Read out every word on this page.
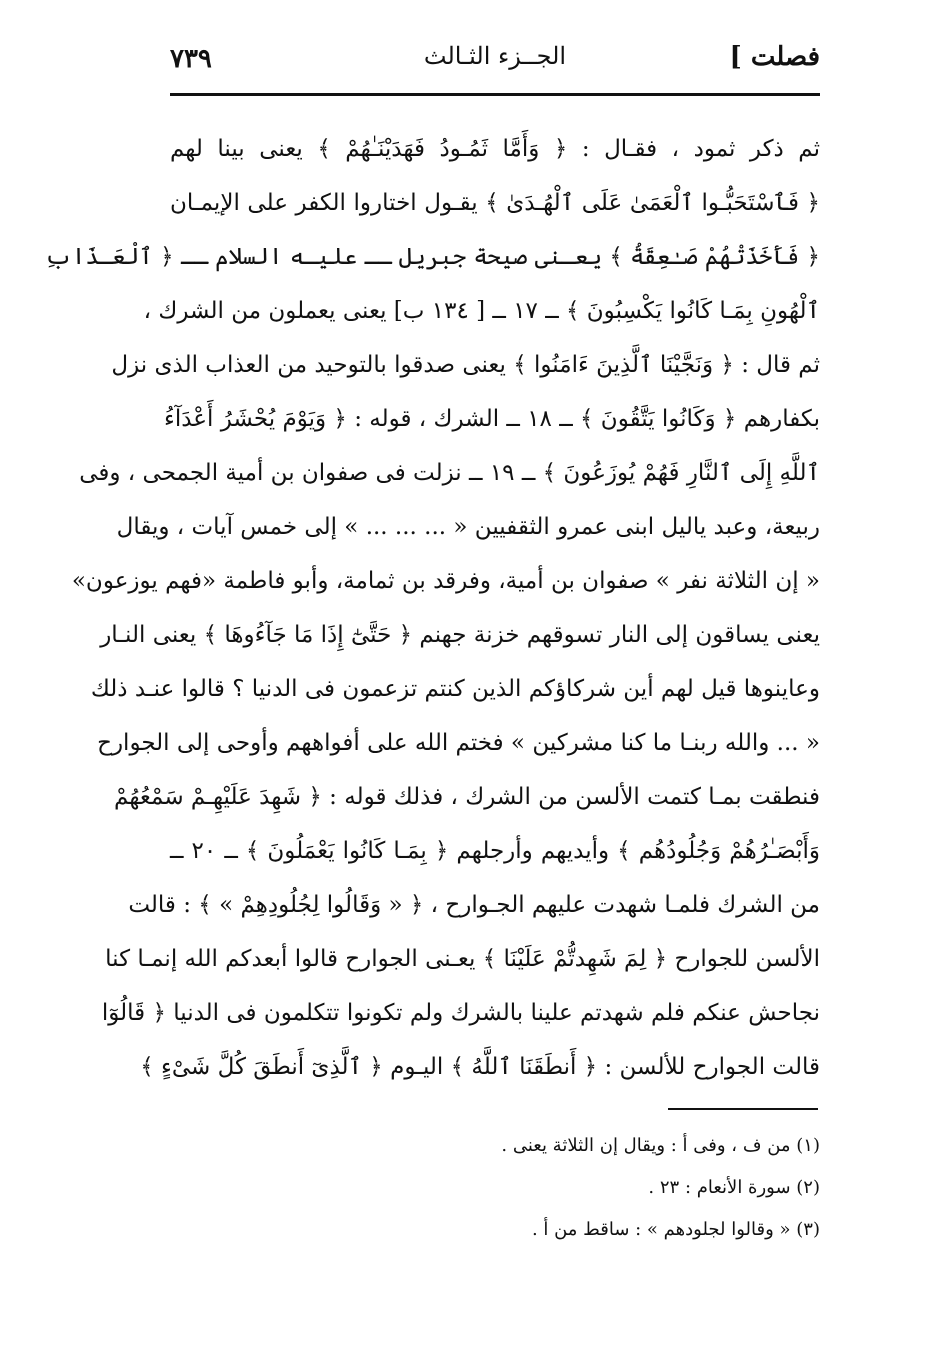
فصلت ]
الجــزء الثـالث
٧٣٩
ثم ذكر ثمود ، فقـال : ﴿ وَأَمَّا ثَمُـودُ فَهَدَيْنَـٰهُمْ ﴾ يعنى بينا لهم
﴿ فَٱسْتَحَبُّـوا ٱلْعَمَىٰ عَلَى ٱلْهُـدَىٰ ﴾ يقـول اختاروا الكفر على الإيمـان
﴿ فَأَخَذَتْهُمْ صَـٰعِقَةُ ﴾ يعـنى صيحة جبريل ــ عليـه السلام ــ ﴿ ٱلْعَـذَابِ
ٱلْهُونِ بِمَـا كَانُوا يَكْسِبُونَ ﴾ ــ ١٧ ــ [ ١٣٤ ب] يعنى يعملون من الشرك ،
ثم قال : ﴿ وَنَجَّيْنَا ٱلَّذِينَ ءَامَنُوا ﴾ يعنى صدقوا بالتوحيد من العذاب الذى نزل
بكفارهم ﴿ وَكَانُوا يَتَّقُونَ ﴾ ــ ١٨ ــ الشرك ، قوله : ﴿ وَيَوْمَ يُحْشَرُ أَعْدَآءُ
ٱللَّهِ إِلَى ٱلنَّارِ فَهُمْ يُوزَعُونَ ﴾ ــ ١٩ ــ نزلت فى صفوان بن أمية الجمحى ، وفى
ربيعة، وعبد ياليل ابنى عمرو الثقفيين « ... ... ... » إلى خمس آيات ، ويقال
« إن الثلاثة نفر » صفوان بن أمية، وفرقد بن ثمامة، وأبو فاطمة «فهم يوزعون»
يعنى يساقون إلى النار تسوقهم خزنة جهنم ﴿ حَتَّىٰٓ إِذَا مَا جَآءُوهَا ﴾ يعنى النـار
وعاينوها قيل لهم أين شركاؤكم الذين كنتم تزعمون فى الدنيا ؟ قالوا عنـد ذلك
« ... والله ربنـا ما كنا مشركين » فختم الله على أفواههم وأوحى إلى الجوارح
فنطقت بمـا كتمت الألسن من الشرك ، فذلك قوله : ﴿ شَهِدَ عَلَيْهِـمْ سَمْعُهُمْ
وَأَبْصَـٰرُهُمْ وَجُلُودُهُم ﴾ وأيديهم وأرجلهم ﴿ بِمَـا كَانُوا يَعْمَلُونَ ﴾ ــ ٢٠ ــ
من الشرك فلمـا شهدت عليهم الجـوارح ، ﴿ « وَقَالُوا لِجُلُودِهِمْ » ﴾ : قالت
الألسن للجوارح ﴿ لِمَ شَهِدتُّمْ عَلَيْنَا ﴾ يعـنى الجوارح قالوا أبعدكم الله إنمـا كنا
نجاحش عنكم فلم شهدتم علينا بالشرك ولم تكونوا تتكلمون فى الدنيا ﴿ قَالُوٓا
قالت الجوارح للألسن : ﴿ أَنطَقَنَا ٱللَّهُ ﴾ اليـوم ﴿ ٱلَّذِىٓ أَنطَقَ كُلَّ شَىْءٍ ﴾
(١) من ف ، وفى أ : ويقال إن الثلاثة يعنى .
(٢) سورة الأنعام : ٢٣ .
(٣) « وقالوا لجلودهم » : ساقط من أ .
